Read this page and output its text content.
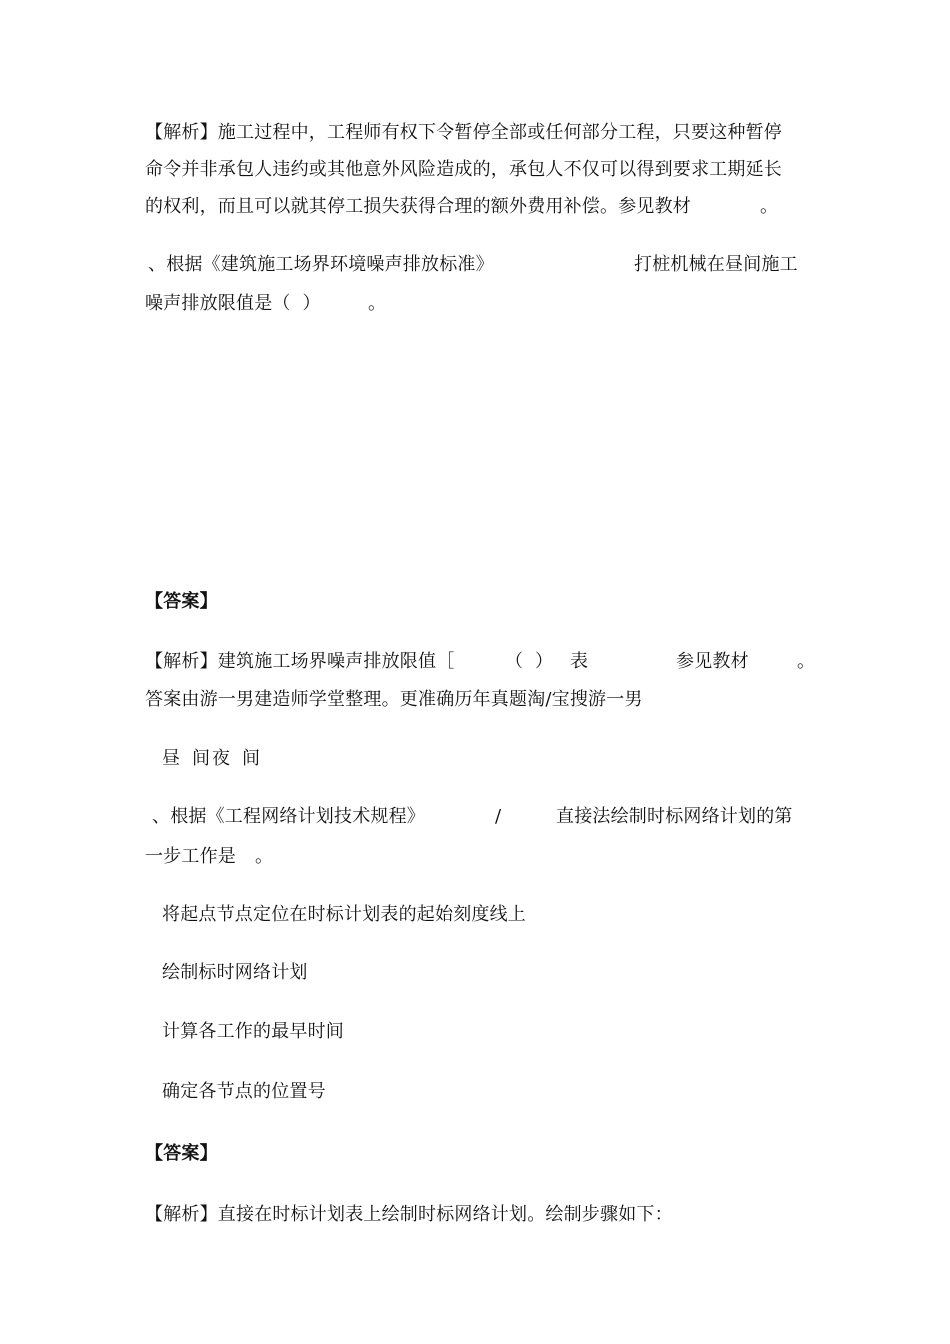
【解析】施工过程中，工程师有权下令暂停全部或任何部分工程，只要这种暂停
命令并非承包人违约或其他意外风险造成的，承包人不仅可以得到要求工期延长
的权利，而且可以就其停工损失获得合理的额外费用补偿。参见教材	。
、根据《建筑施工场界环境噪声排放标准》	打桩机械在昼间施工
噪声排放限值是（  ）	。
【答案】
【解析】建筑施工场界噪声排放限值［	（  ） 表	参见教材	。
答案由游一男建造师学堂整理。更准确历年真题淘/宝搜游一男
昼  间 夜  间
、根据《工程网络计划技术规程》	/	直接法绘制时标网络计划的第
一步工作是 。
将起点节点定位在时标计划表的起始刻度线上
绘制标时网络计划
计算各工作的最早时间
确定各节点的位置号
【答案】
【解析】直接在时标计划表上绘制时标网络计划。绘制步骤如下：
